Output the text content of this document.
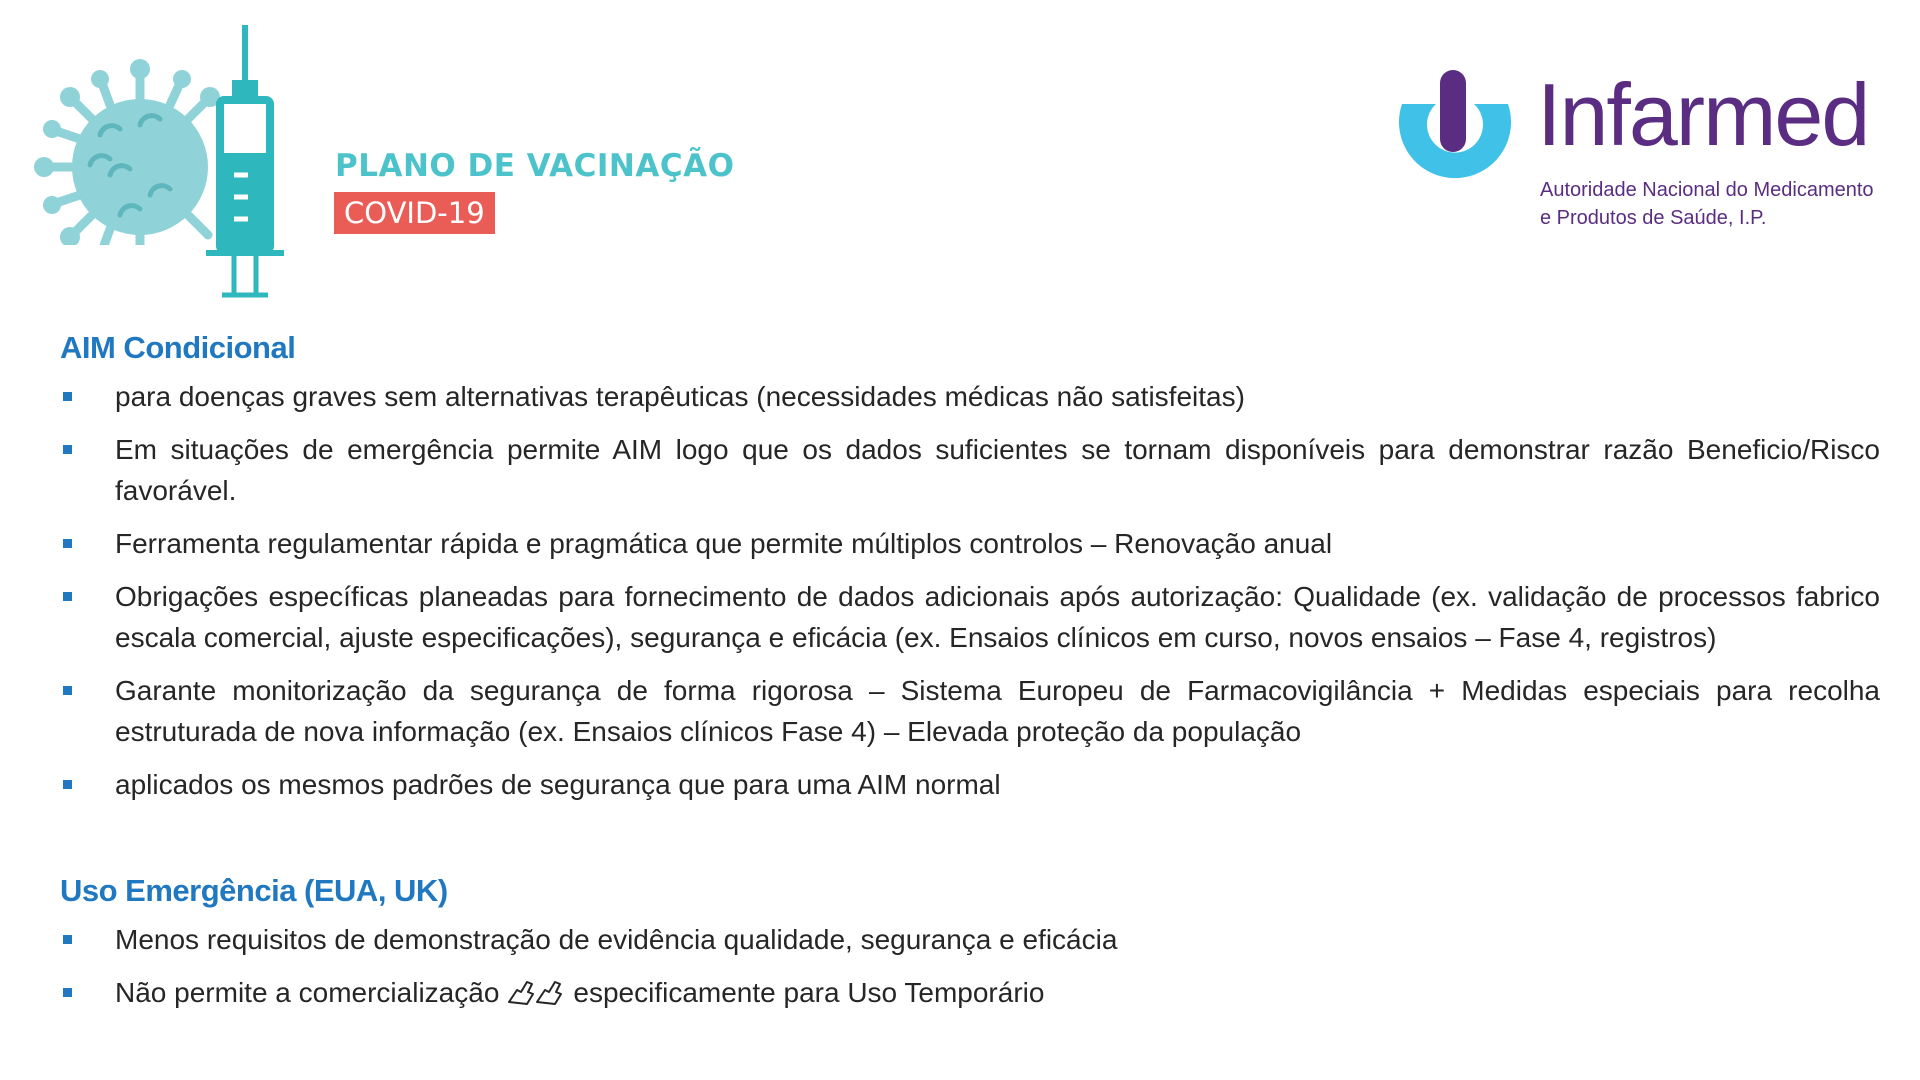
PLANO DE VACINAÇÃO
COVID-19
Infarmed
Autoridade Nacional do Medicamento
e Produtos de Saúde, I.P.
AIM Condicional
para doenças graves sem alternativas terapêuticas (necessidades médicas não satisfeitas)
Em situações de emergência permite AIM logo que os dados suficientes se tornam disponíveis para demonstrar razão Beneficio/Risco favorável.
Ferramenta regulamentar rápida e pragmática que permite múltiplos controlos – Renovação anual
Obrigações específicas planeadas para fornecimento de dados adicionais após autorização: Qualidade (ex. validação de processos fabrico escala comercial, ajuste especificações), segurança e eficácia (ex. Ensaios clínicos em curso, novos ensaios – Fase 4, registros)
Garante monitorização da segurança de forma rigorosa – Sistema Europeu de Farmacovigilância + Medidas especiais para recolha estruturada de nova informação (ex. Ensaios clínicos Fase 4) – Elevada proteção da população
aplicados os mesmos padrões de segurança que para uma AIM normal
Uso Emergência (EUA, UK)
Menos requisitos de demonstração de evidência qualidade, segurança e eficácia
Não permite a comercialização	especificamente para Uso Temporário
